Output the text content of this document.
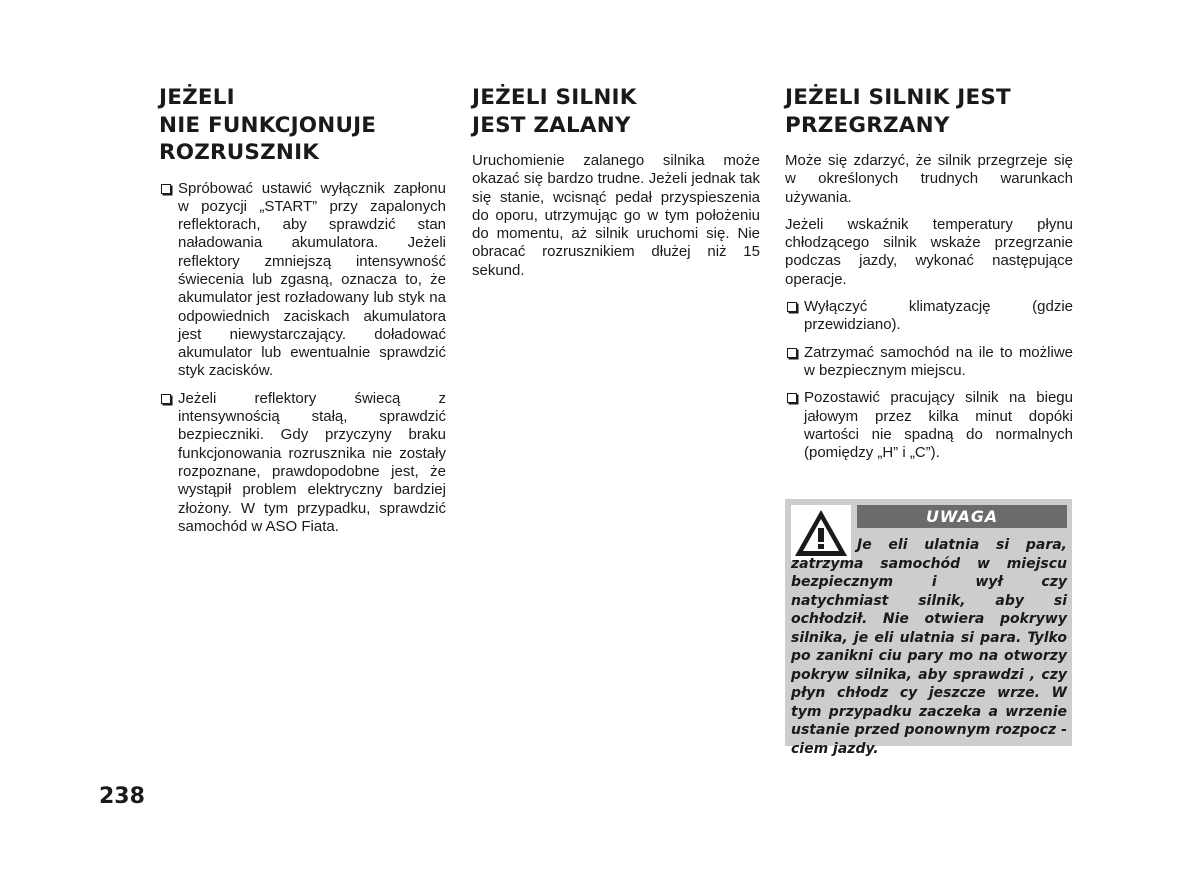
JEŻELI
NIE FUNKCJONUJE
ROZRUSZNIK

Spróbować ustawić wyłącznik zapłonu w pozycji „START” przy zapalonych reflektorach, aby sprawdzić stan naładowania akumulatora. Jeżeli reflektory zmniejszą intensywność świecenia lub zgasną, oznacza to, że akumulator jest rozładowany lub styk na odpowiednich zaciskach akumulatora jest niewystarczający. doładować akumulator lub ewentualnie sprawdzić styk zacisków.

Jeżeli reflektory świecą z intensywnością stałą, sprawdzić bezpieczniki. Gdy przyczyny braku funkcjonowania rozrusznika nie zostały rozpoznane, prawdopodobne jest, że wystąpił problem elektryczny bardziej złożony. W tym przypadku, sprawdzić samochód w ASO Fiata.

JEŻELI SILNIK
JEST ZALANY

Uruchomienie zalanego silnika może okazać się bardzo trudne. Jeżeli jednak tak się stanie, wcisnąć pedał przyspieszenia do oporu, utrzymując go w tym położeniu do momentu, aż silnik uruchomi się. Nie obracać rozrusznikiem dłużej niż 15 sekund.

JEŻELI SILNIK JEST
PRZEGRZANY

Może się zdarzyć, że silnik przegrzeje się w określonych trudnych warunkach używania.

Jeżeli wskaźnik temperatury płynu chłodzącego silnik wskaże przegrzanie podczas jazdy, wykonać następujące operacje.

Wyłączyć klimatyzację (gdzie przewidziano).

Zatrzymać samochód na ile to możliwe w bezpiecznym miejscu.

Pozostawić pracujący silnik na biegu jałowym przez kilka minut dopóki wartości nie spadną do normalnych (pomiędzy „H” i „C”).

UWAGA
Je eli ulatnia si para, zatrzyma samochód w miejscu bezpiecznym i wył czy natychmiast silnik, aby si ochłodził. Nie otwiera pokrywy silnika, je eli ulatnia si para. Tylko po zanikni ciu pary mo na otworzy pokryw silnika, aby sprawdzi , czy płyn chłodz cy jeszcze wrze. W tym przypadku zaczeka a wrzenie ustanie przed ponownym rozpocz - ciem jazdy.
238
